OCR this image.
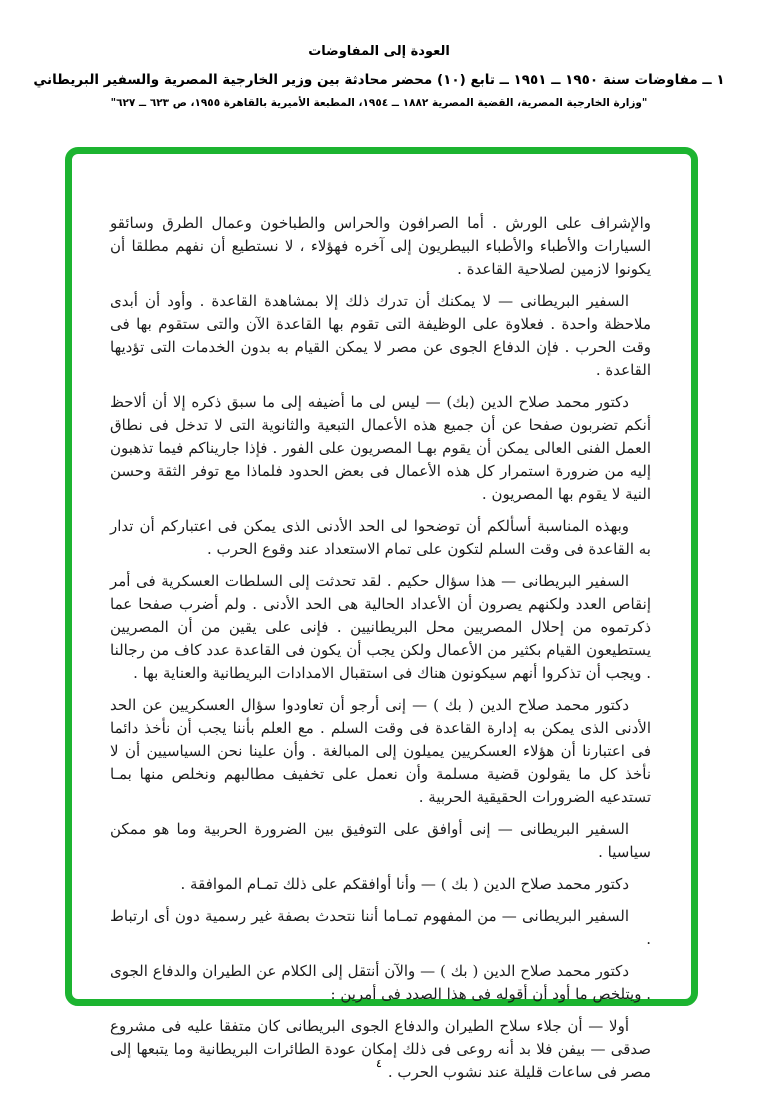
العودة إلى المفاوضات
١ ــ مفاوضات سنة ١٩٥٠ ــ ١٩٥١ ــ تابع (١٠) محضر محادثة بين وزير الخارجية المصرية والسفير البريطاني
"وزارة الخارجية المصرية، القضية المصرية ١٨٨٢ ــ ١٩٥٤، المطبعة الأميرية بالقاهرة ١٩٥٥، ص ٦٢٣ ــ ٦٢٧"

والإشراف على الورش . أما الصرافون والحراس والطباخون وعمال الطرق وسائقو السيارات والأطباء والأطباء البيطريون إلى آخره فهؤلاء ، لا نستطيع أن نفهم مطلقا أن يكونوا لازمين لصلاحية القاعدة .

السفير البريطانى — لا يمكنك أن تدرك ذلك إلا بمشاهدة القاعدة . وأود أن أبدى ملاحظة واحدة . فعلاوة على الوظيفة التى تقوم بها القاعدة الآن والتى ستقوم بها فى وقت الحرب . فإن الدفاع الجوى عن مصر لا يمكن القيام به بدون الخدمات التى تؤديها القاعدة .

دكتور محمد صلاح الدين (بك) — ليس لى ما أضيفه إلى ما سبق ذكره إلا أن ألاحظ أنكم تضربون صفحا عن أن جميع هذه الأعمال التبعية والثانوية التى لا تدخل فى نطاق العمل الفنى العالى يمكن أن يقوم بهـا المصريون على الفور . فإذا جاريناكم فيما تذهبون إليه من ضرورة استمرار كل هذه الأعمال فى بعض الحدود فلماذا مع توفر الثقة وحسن النية لا يقوم بها المصريون .

وبهذه المناسبة أسألكم أن توضحوا لى الحد الأدنى الذى يمكن فى اعتباركم أن تدار به القاعدة فى وقت السلم لتكون على تمام الاستعداد عند وقوع الحرب .

السفير البريطانى — هذا سؤال حكيم . لقد تحدثت إلى السلطات العسكرية فى أمر إنقاص العدد ولكنهم يصرون أن الأعداد الحالية هى الحد الأدنى . ولم أضرب صفحا عما ذكرتموه من إحلال المصريين محل البريطانيين . فإنى على يقين من أن المصريين يستطيعون القيام بكثير من الأعمال ولكن يجب أن يكون فى القاعدة عدد كاف من رجالنا . ويجب أن تذكروا أنهم سيكونون هناك فى استقبال الامدادات البريطانية والعناية بها .

دكتور محمد صلاح الدين ( بك ) — إنى أرجو أن تعاودوا سؤال العسكريين عن الحد الأدنى الذى يمكن به إدارة القاعدة فى وقت السلم . مع العلم بأننا يجب أن نأخذ دائما فى اعتبارنا أن هؤلاء العسكريين يميلون إلى المبالغة . وأن علينا نحن السياسيين أن لا نأخذ كل ما يقولون قضية مسلمة وأن نعمل على تخفيف مطالبهم ونخلص منها بمـا تستدعيه الضرورات الحقيقية الحربية .

السفير البريطانى — إنى أوافق على التوفيق بين الضرورة الحربية وما هو ممكن سياسيا .

دكتور محمد صلاح الدين ( بك ) — وأنا أوافقكم على ذلك تمـام الموافقة .

السفير البريطانى — من المفهوم تمـاما أننا نتحدث بصفة غير رسمية دون أى ارتباط .

دكتور محمد صلاح الدين ( بك ) — والآن أنتقل إلى الكلام عن الطيران والدفاع الجوى . ويتلخص ما أود أن أقوله فى هذا الصدد فى أمرين :

أولا — أن جلاء سلاح الطيران والدفاع الجوى البريطانى كان متفقا عليه فى مشروع صدقى — بيفن فلا بد أنه روعى فى ذلك إمكان عودة الطائرات البريطانية وما يتبعها إلى مصر فى ساعات قليلة عند نشوب الحرب .

٤
